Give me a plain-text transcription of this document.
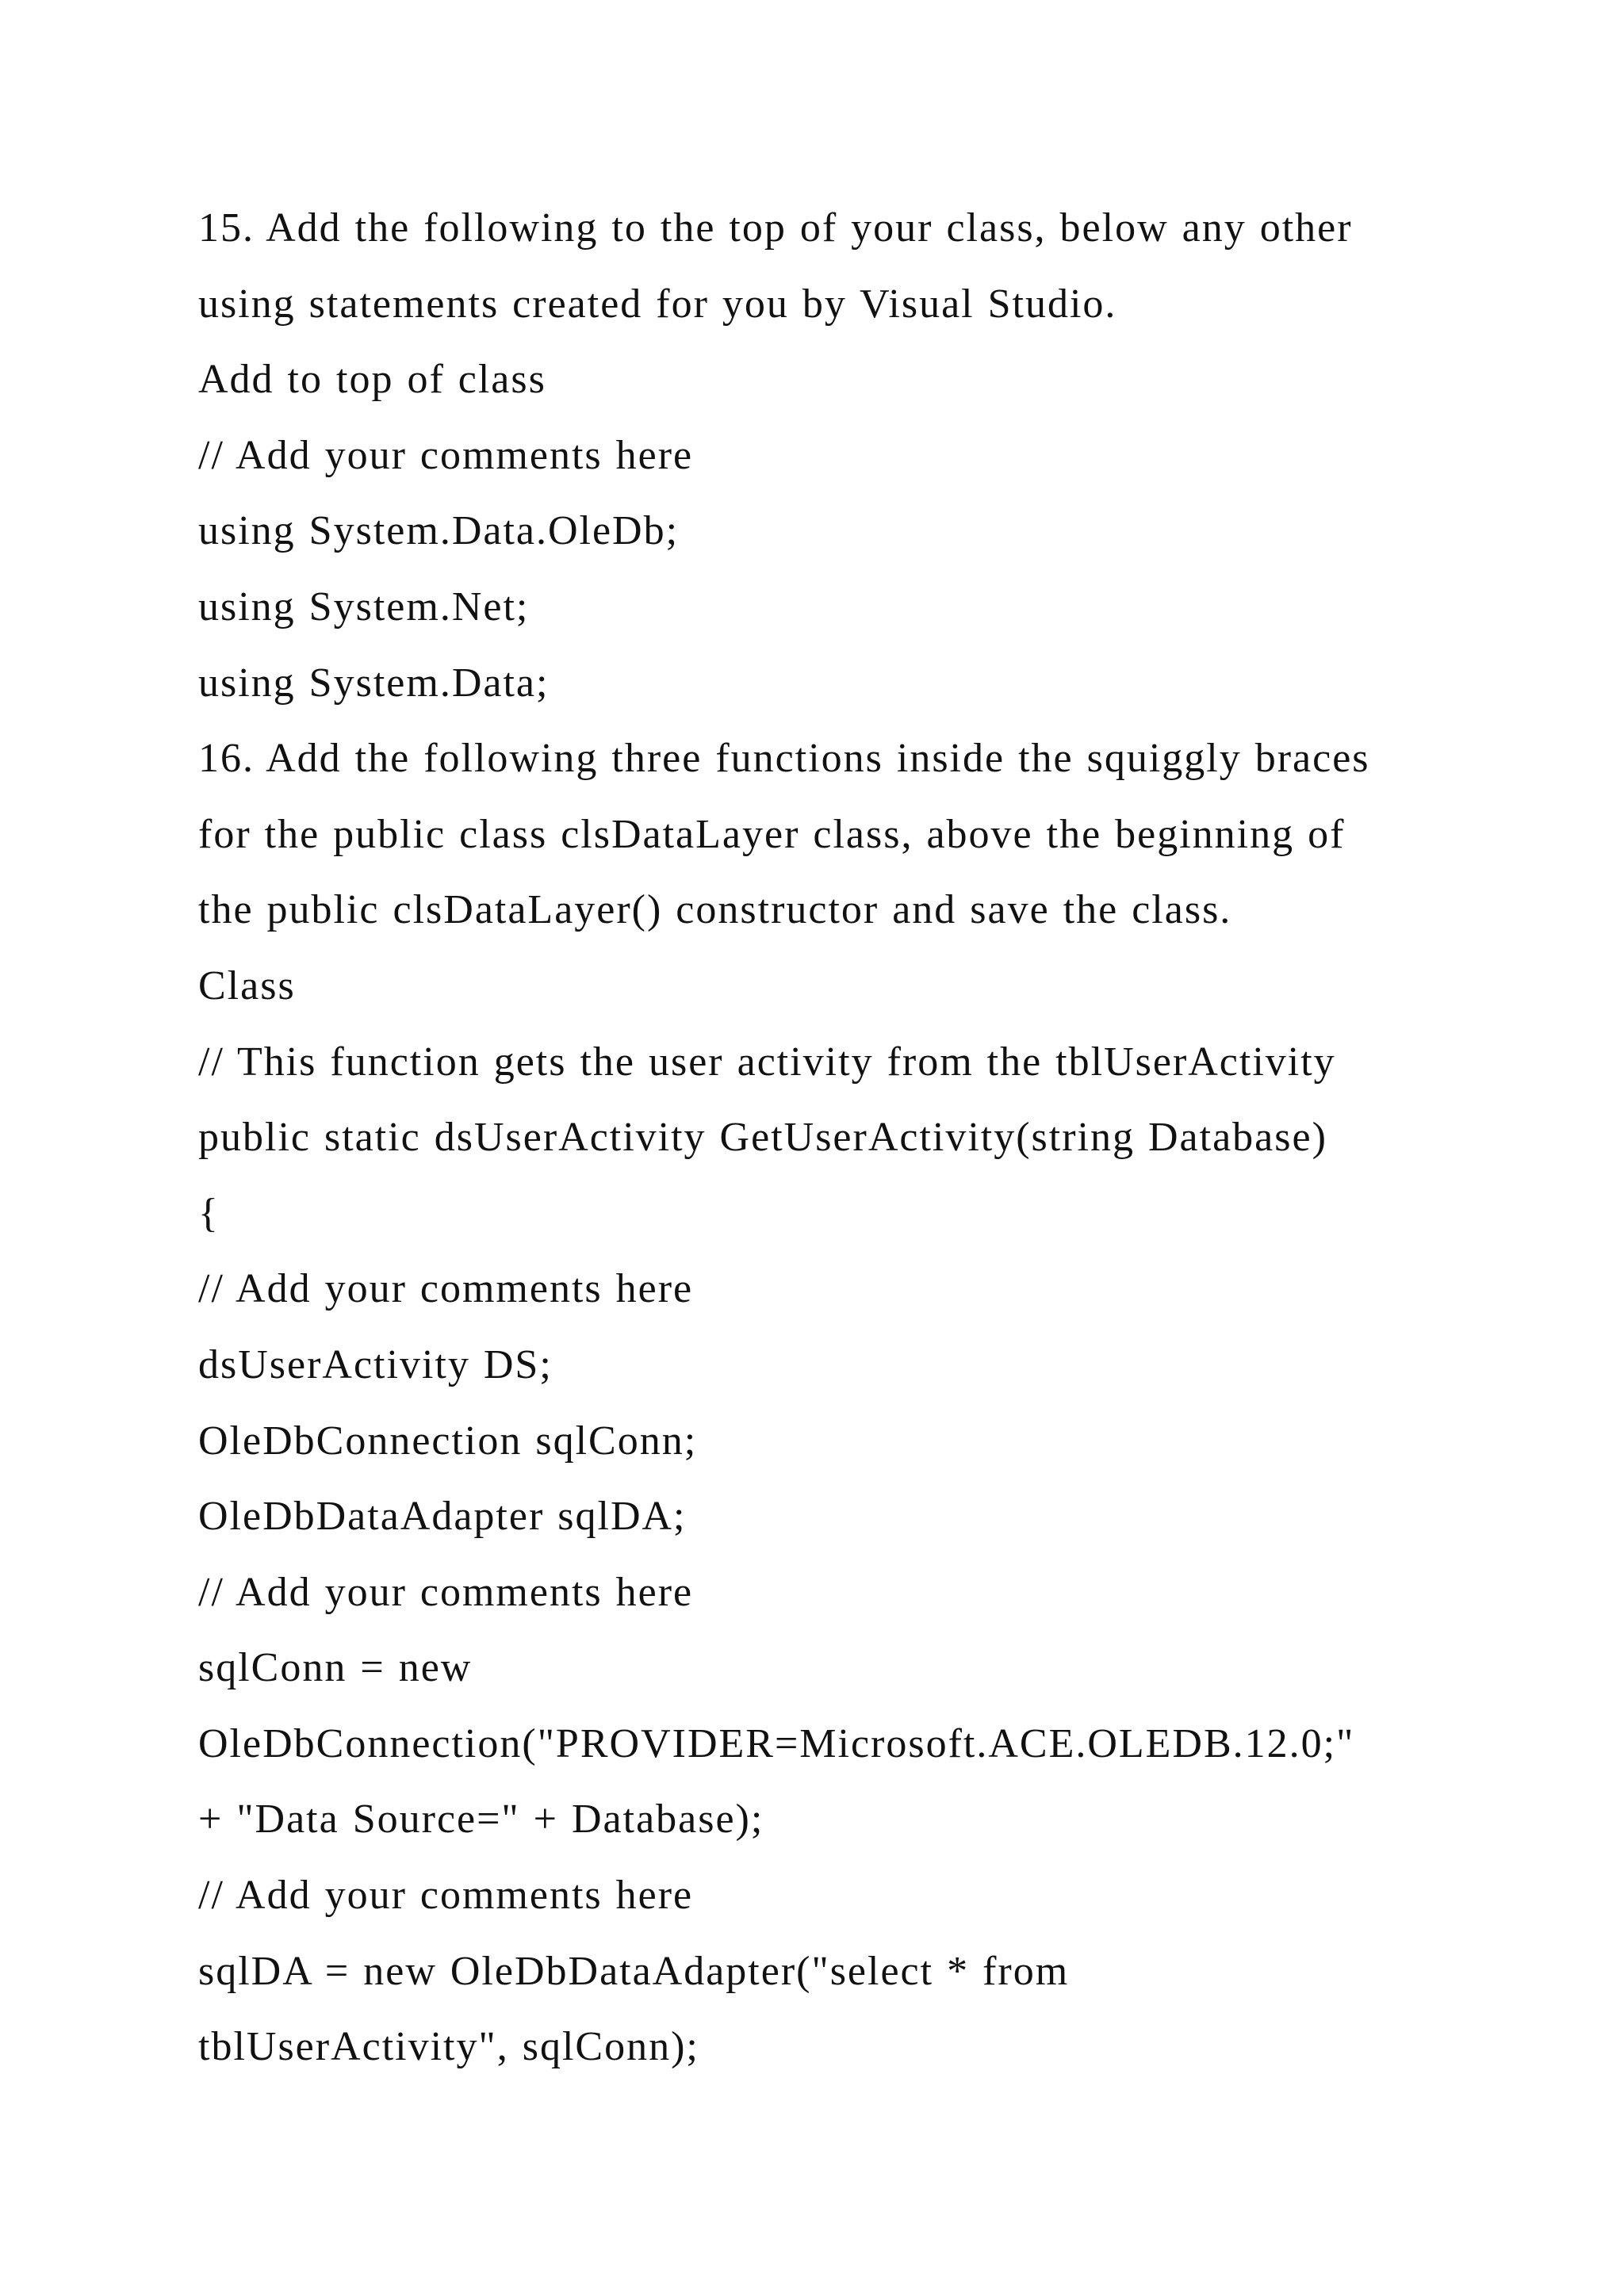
15. Add the following to the top of your class, below any other
using statements created for you by Visual Studio.
Add to top of class
// Add your comments here
using System.Data.OleDb;
using System.Net;
using System.Data;
16. Add the following three functions inside the squiggly braces
for the public class clsDataLayer class, above the beginning of
the public clsDataLayer() constructor and save the class.
Class
// This function gets the user activity from the tblUserActivity
public static dsUserActivity GetUserActivity(string Database)
{
// Add your comments here
dsUserActivity DS;
OleDbConnection sqlConn;
OleDbDataAdapter sqlDA;
// Add your comments here
sqlConn = new
OleDbConnection("PROVIDER=Microsoft.ACE.OLEDB.12.0;"
+ "Data Source=" + Database);
// Add your comments here
sqlDA = new OleDbDataAdapter("select * from
tblUserActivity", sqlConn);
